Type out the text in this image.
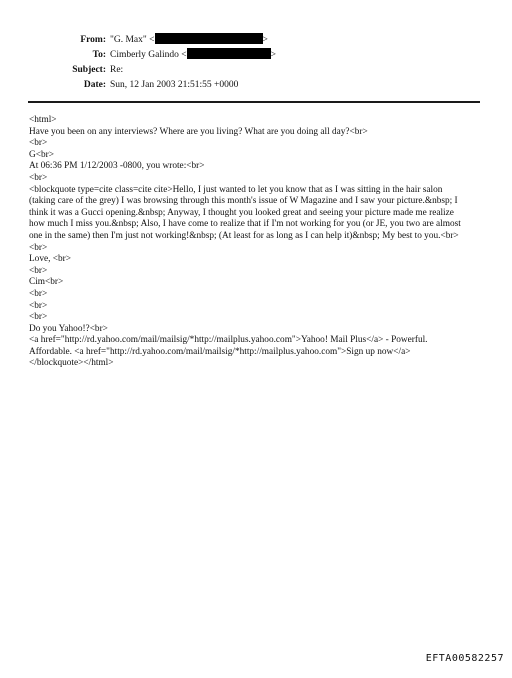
From: "G. Max" <	>
To: Cimberly Galindo <	>
Subject: Re:
Date: Sun, 12 Jan 2003 21:51:55 +0000
<html>
Have you been on any interviews? Where are you living? What are you doing all day?<br>
<br>
G<br>
At 06:36 PM 1/12/2003 -0800, you wrote:<br>
<br>
<blockquote type=cite class=cite cite>Hello, I just wanted to let you know that as I was sitting in the hair salon (taking care of the grey) I was browsing through this month's issue of W Magazine and I saw your picture.&nbsp; I think it was a Gucci opening.&nbsp; Anyway, I thought you looked great and seeing your picture made me realize how much I miss you.&nbsp; Also, I have come to realize that if I'm not working for you (or JE, you two are almost one in the same) then I'm just not working!&nbsp; (At least for as long as I can help it)&nbsp; My best to you.<br>
<br>
Love, <br>
<br>
Cim<br>
<br>
<br>
<br>
Do you Yahoo!?<br>
<a href="http://rd.yahoo.com/mail/mailsig/*http://mailplus.yahoo.com">Yahoo! Mail Plus</a> - Powerful. Affordable. <a href="http://rd.yahoo.com/mail/mailsig/*http://mailplus.yahoo.com">Sign up now</a>
</blockquote></html>
EFTA00582257
